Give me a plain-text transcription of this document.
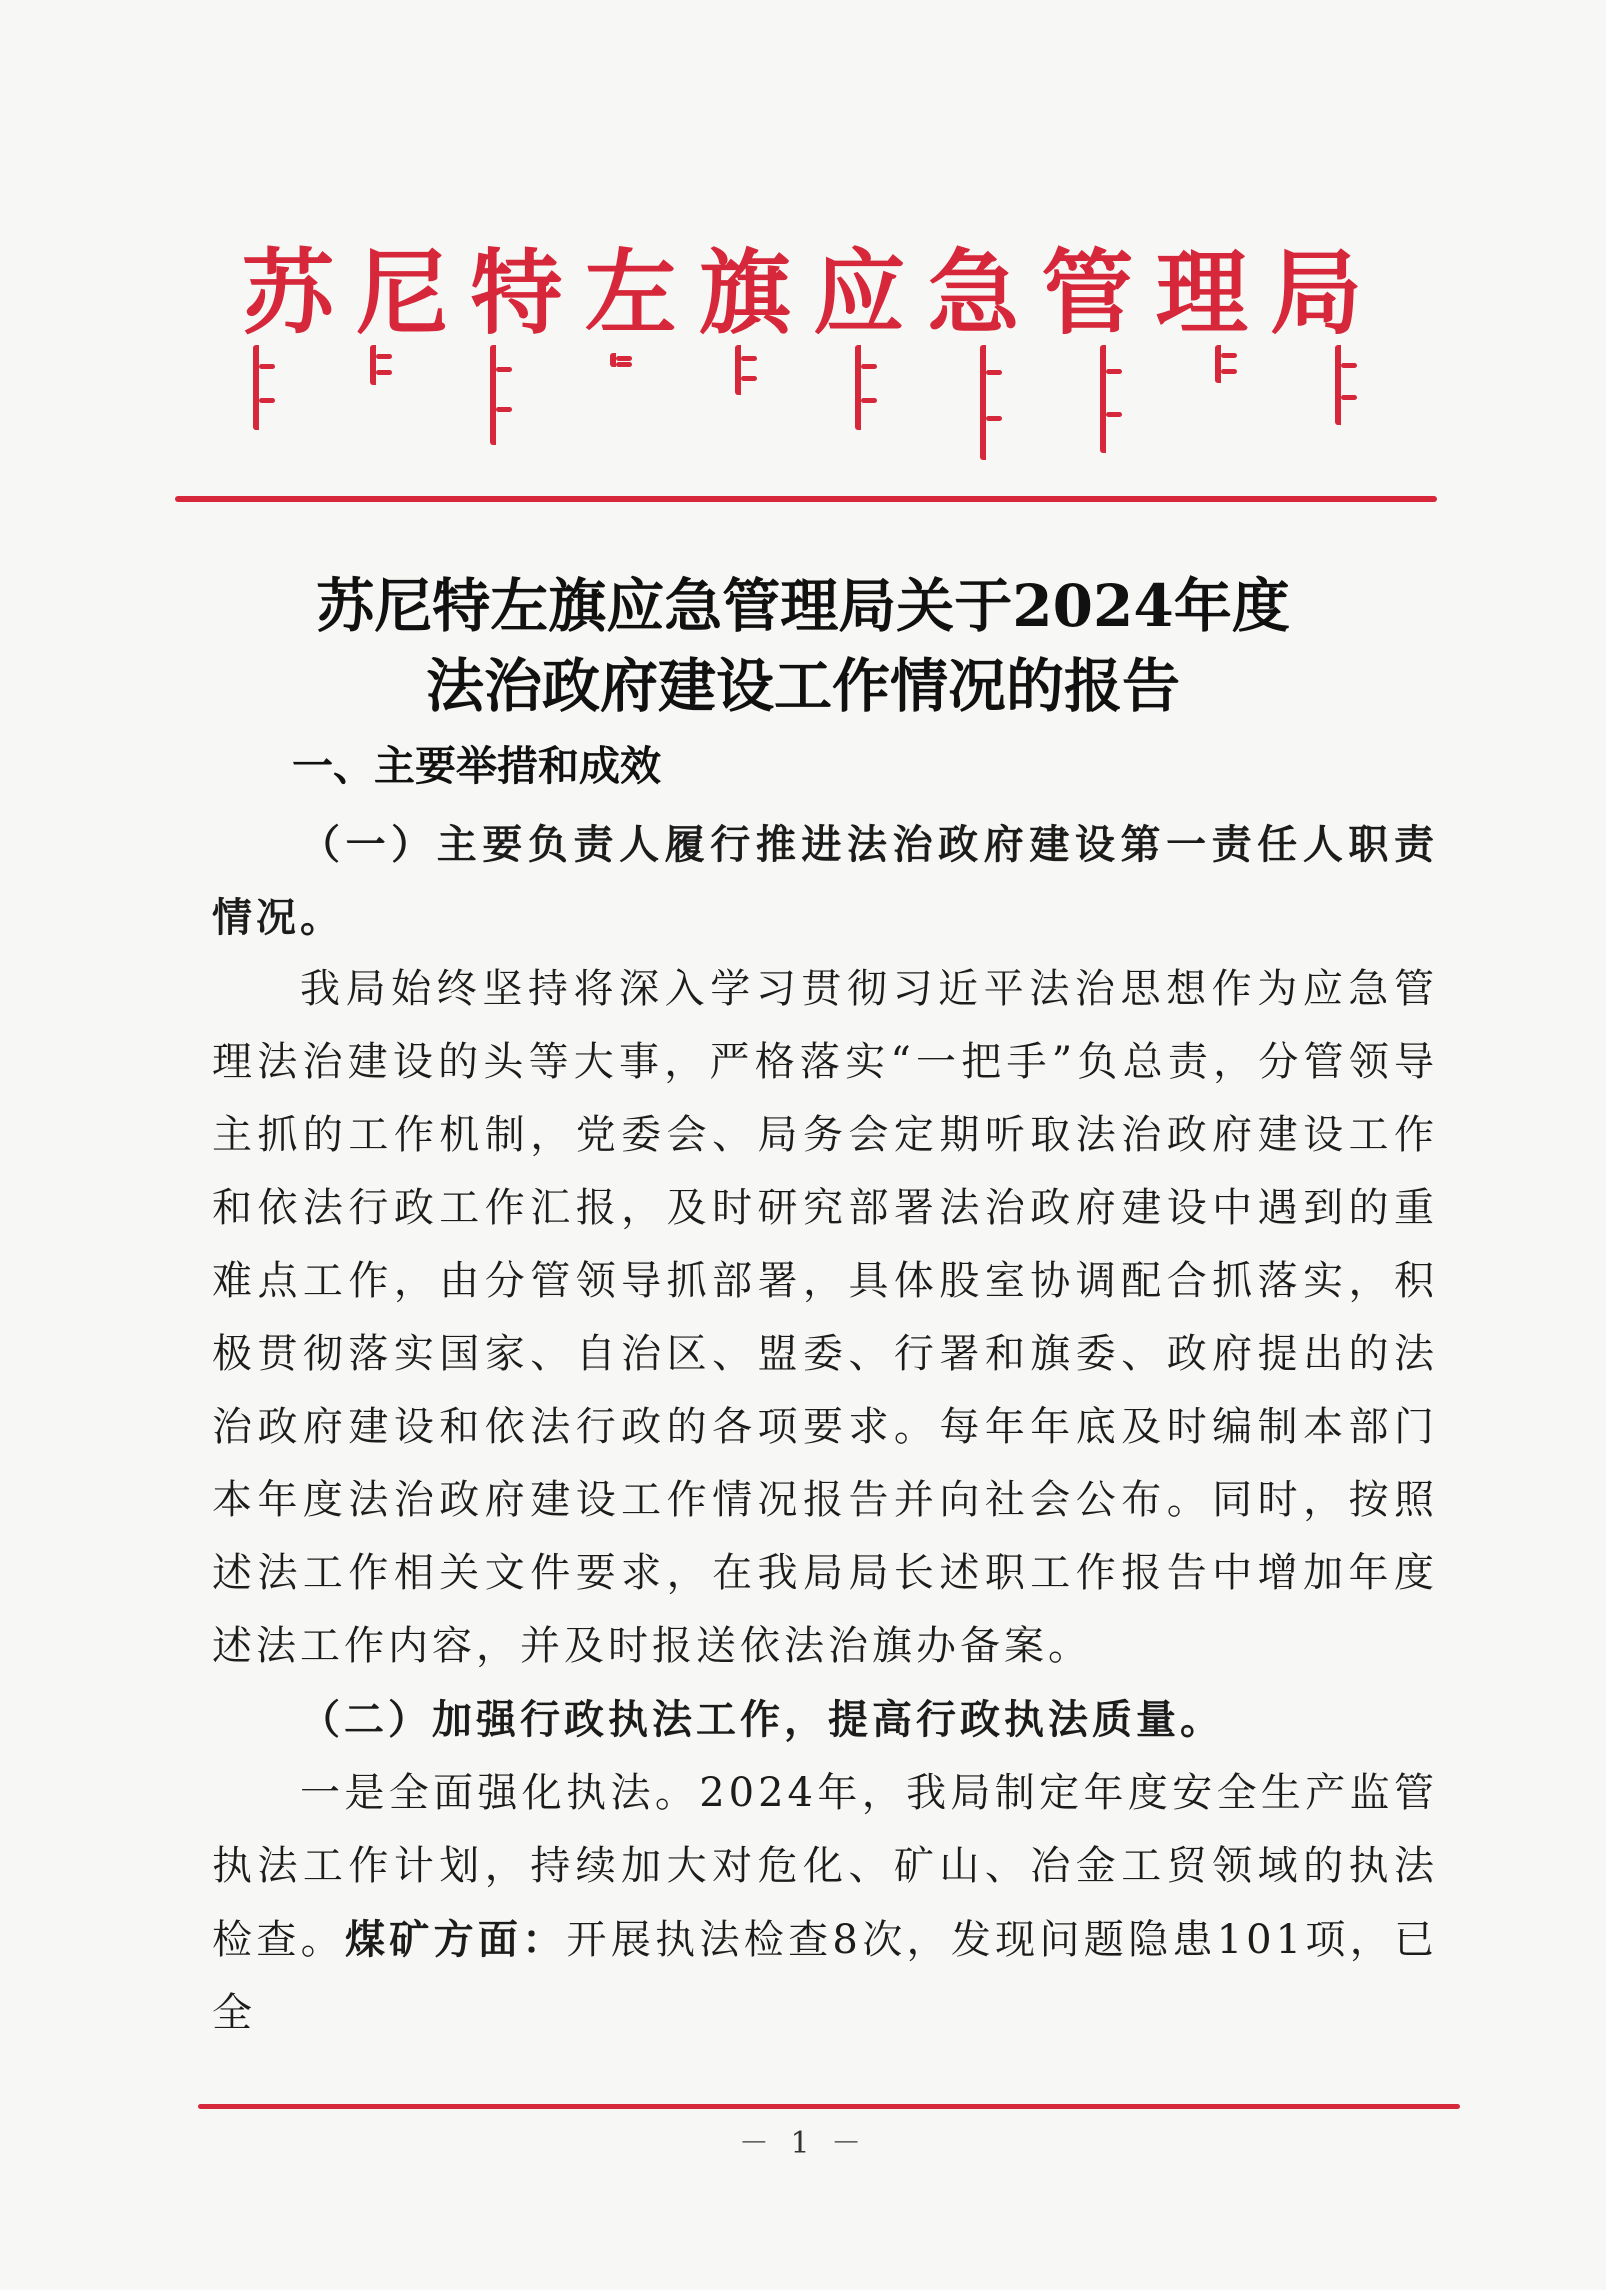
苏 尼 特 左 旗 应 急 管 理 局
苏尼特左旗应急管理局关于2024年度
法治政府建设工作情况的报告
一、主要举措和成效

（一）主要负责人履行推进法治政府建设第一责任人职责情况。

我局始终坚持将深入学习贯彻习近平法治思想作为应急管理法治建设的头等大事，严格落实“一把手”负总责，分管领导主抓的工作机制，党委会、局务会定期听取法治政府建设工作和依法行政工作汇报，及时研究部署法治政府建设中遇到的重难点工作，由分管领导抓部署，具体股室协调配合抓落实，积极贯彻落实国家、自治区、盟委、行署和旗委、政府提出的法治政府建设和依法行政的各项要求。每年年底及时编制本部门本年度法治政府建设工作情况报告并向社会公布。同时，按照述法工作相关文件要求，在我局局长述职工作报告中增加年度述法工作内容，并及时报送依法治旗办备案。

（二）加强行政执法工作，提高行政执法质量。

一是全面强化执法。2024年，我局制定年度安全生产监管执法工作计划，持续加大对危化、矿山、冶金工贸领域的执法检查。煤矿方面：开展执法检查8次，发现问题隐患101项，已全

－ 1 －
